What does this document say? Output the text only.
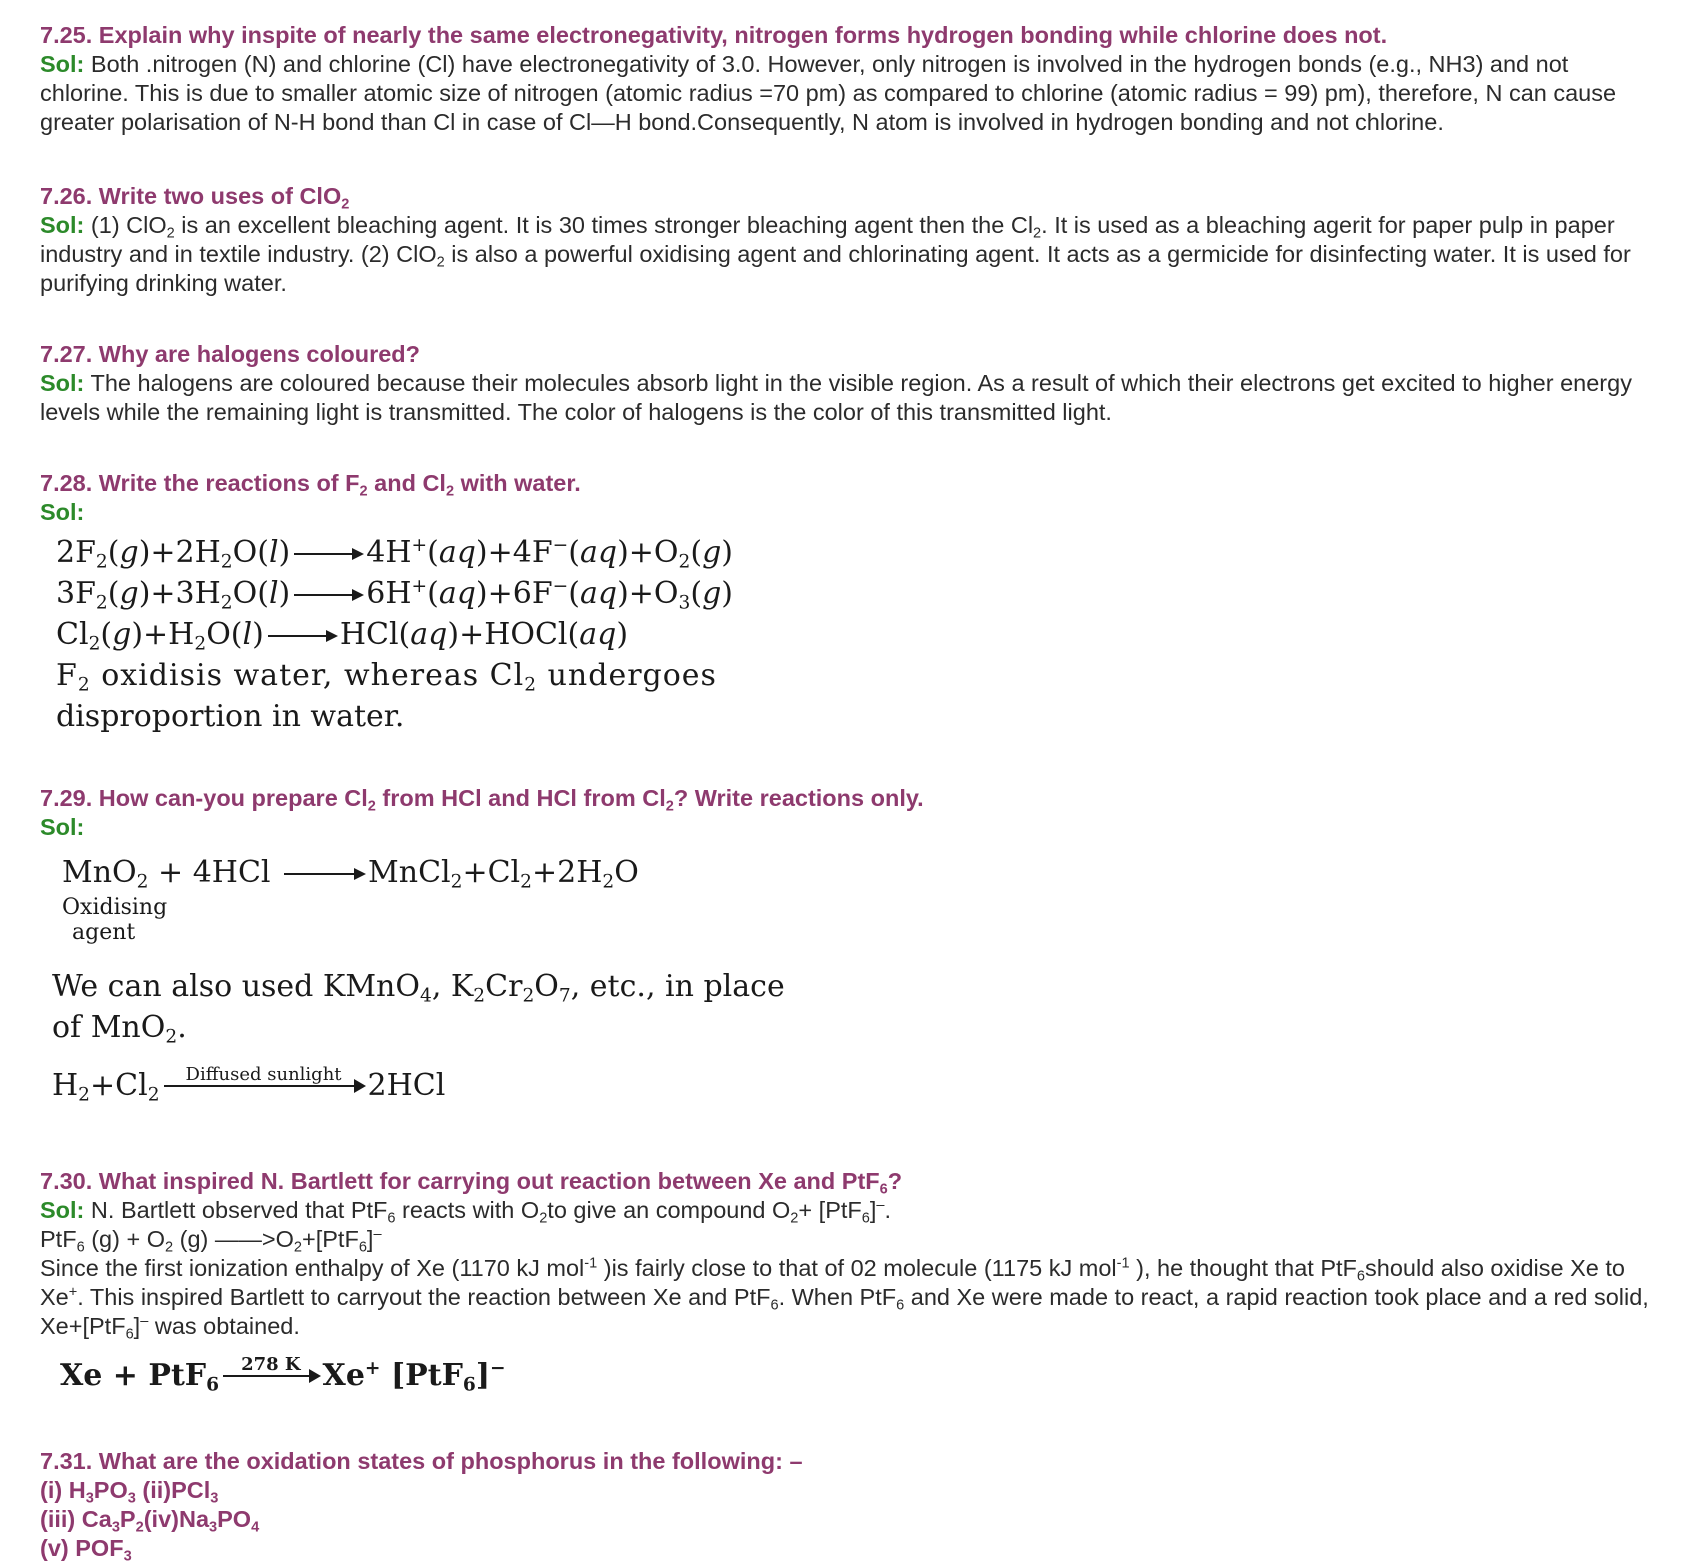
7.25. Explain why inspite of nearly the same electronegativity, nitrogen forms hydrogen bonding while chlorine does not.
Sol: Both .nitrogen (N) and chlorine (Cl) have electronegativity of 3.0. However, only nitrogen is involved in the hydrogen bonds (e.g., NH3) and not chlorine. This is due to smaller atomic size of nitrogen (atomic radius =70 pm) as compared to chlorine (atomic radius = 99) pm), therefore, N can cause greater polarisation of N-H bond than Cl in case of Cl—H bond.Consequently, N atom is involved in hydrogen bonding and not chlorine.
7.26. Write two uses of ClO$_2$
Sol: (1) ClO$_2$ is an excellent bleaching agent. It is 30 times stronger bleaching agent then the $Cl_2$. It is used as a bleaching agerit for paper pulp in paper industry and in textile industry. (2) ClO$_2$ is also a powerful oxidising agent and chlorinating agent. It acts as a germicide for disinfecting water. It is used for purifying drinking water.
7.27. Why are halogens coloured?
Sol: The halogens are coloured because their molecules absorb light in the visible region. As a result of which their electrons get excited to higher energy levels while the remaining light is transmitted. The color of halogens is the color of this transmitted light.
7.28. Write the reactions of $F_2$ and $Cl_2$ with water.
Sol:
$2F_2(g)+2H_2O(l)$	$4H^+(aq)+4F^-(aq)+O_2(g)$
$3F_2(g)+3H_2O(l)$	$6H^+(aq)+6F^-(aq)+O_3(g)$
$Cl_2(g)+H_2O(l)$	HCl(aq)+HOCl(aq)
$F_2$ oxidisis water, whereas $Cl_2$ undergoes
disproportion in water.
7.29. How can-you prepare $Cl_2$ from HCl and HCl from $Cl_2$? Write reactions only.
Sol:
MnO$_2$ + 4HCl	$MnCl_2+Cl_2+2H_2O$
Oxidising
agent
We can also used KMnO$_4$, $K_2Cr_2O_7$, etc., in place
of MnO$_2$.
$H_2+Cl_2$
Diffused sunlight 2HCl
7.30. What inspired N. Bartlett for carrying out reaction between Xe and PtF$_6$?
Sol: N. Bartlett observed that PtF$_6$ reacts with $O_2to$ give an compound $O_2+ [PtF_6]^-$.
PtF$_6$ $(g) + O_2$ (g) $——>O_2+[PtF_6]^-$
Since the first ionization enthalpy of Xe (1170 kJ mol$^{-1}$ )is fairly close to that of 02 molecule (1175 kJ mol$^{-1}$ ), he thought that PtF$_6$should also oxidise Xe to Xe+. This inspired Bartlett to carryout the reaction between Xe and PtF$_6$. When PtF$_6$ and Xe were made to react, a rapid reaction took place and a red solid, Xe+[PtF$_6$]– was obtained.
Xe + PtF$_6$
278 K Xe+ [PtF$_6$]−
7.31. What are the oxidation states of phosphorus in the following: –
(i) $H_3PO_3$ (ii)PCl$_3$
(iii) $Ca_3P_2(iv)Na_3PO_4$
(v) $POF_3$
